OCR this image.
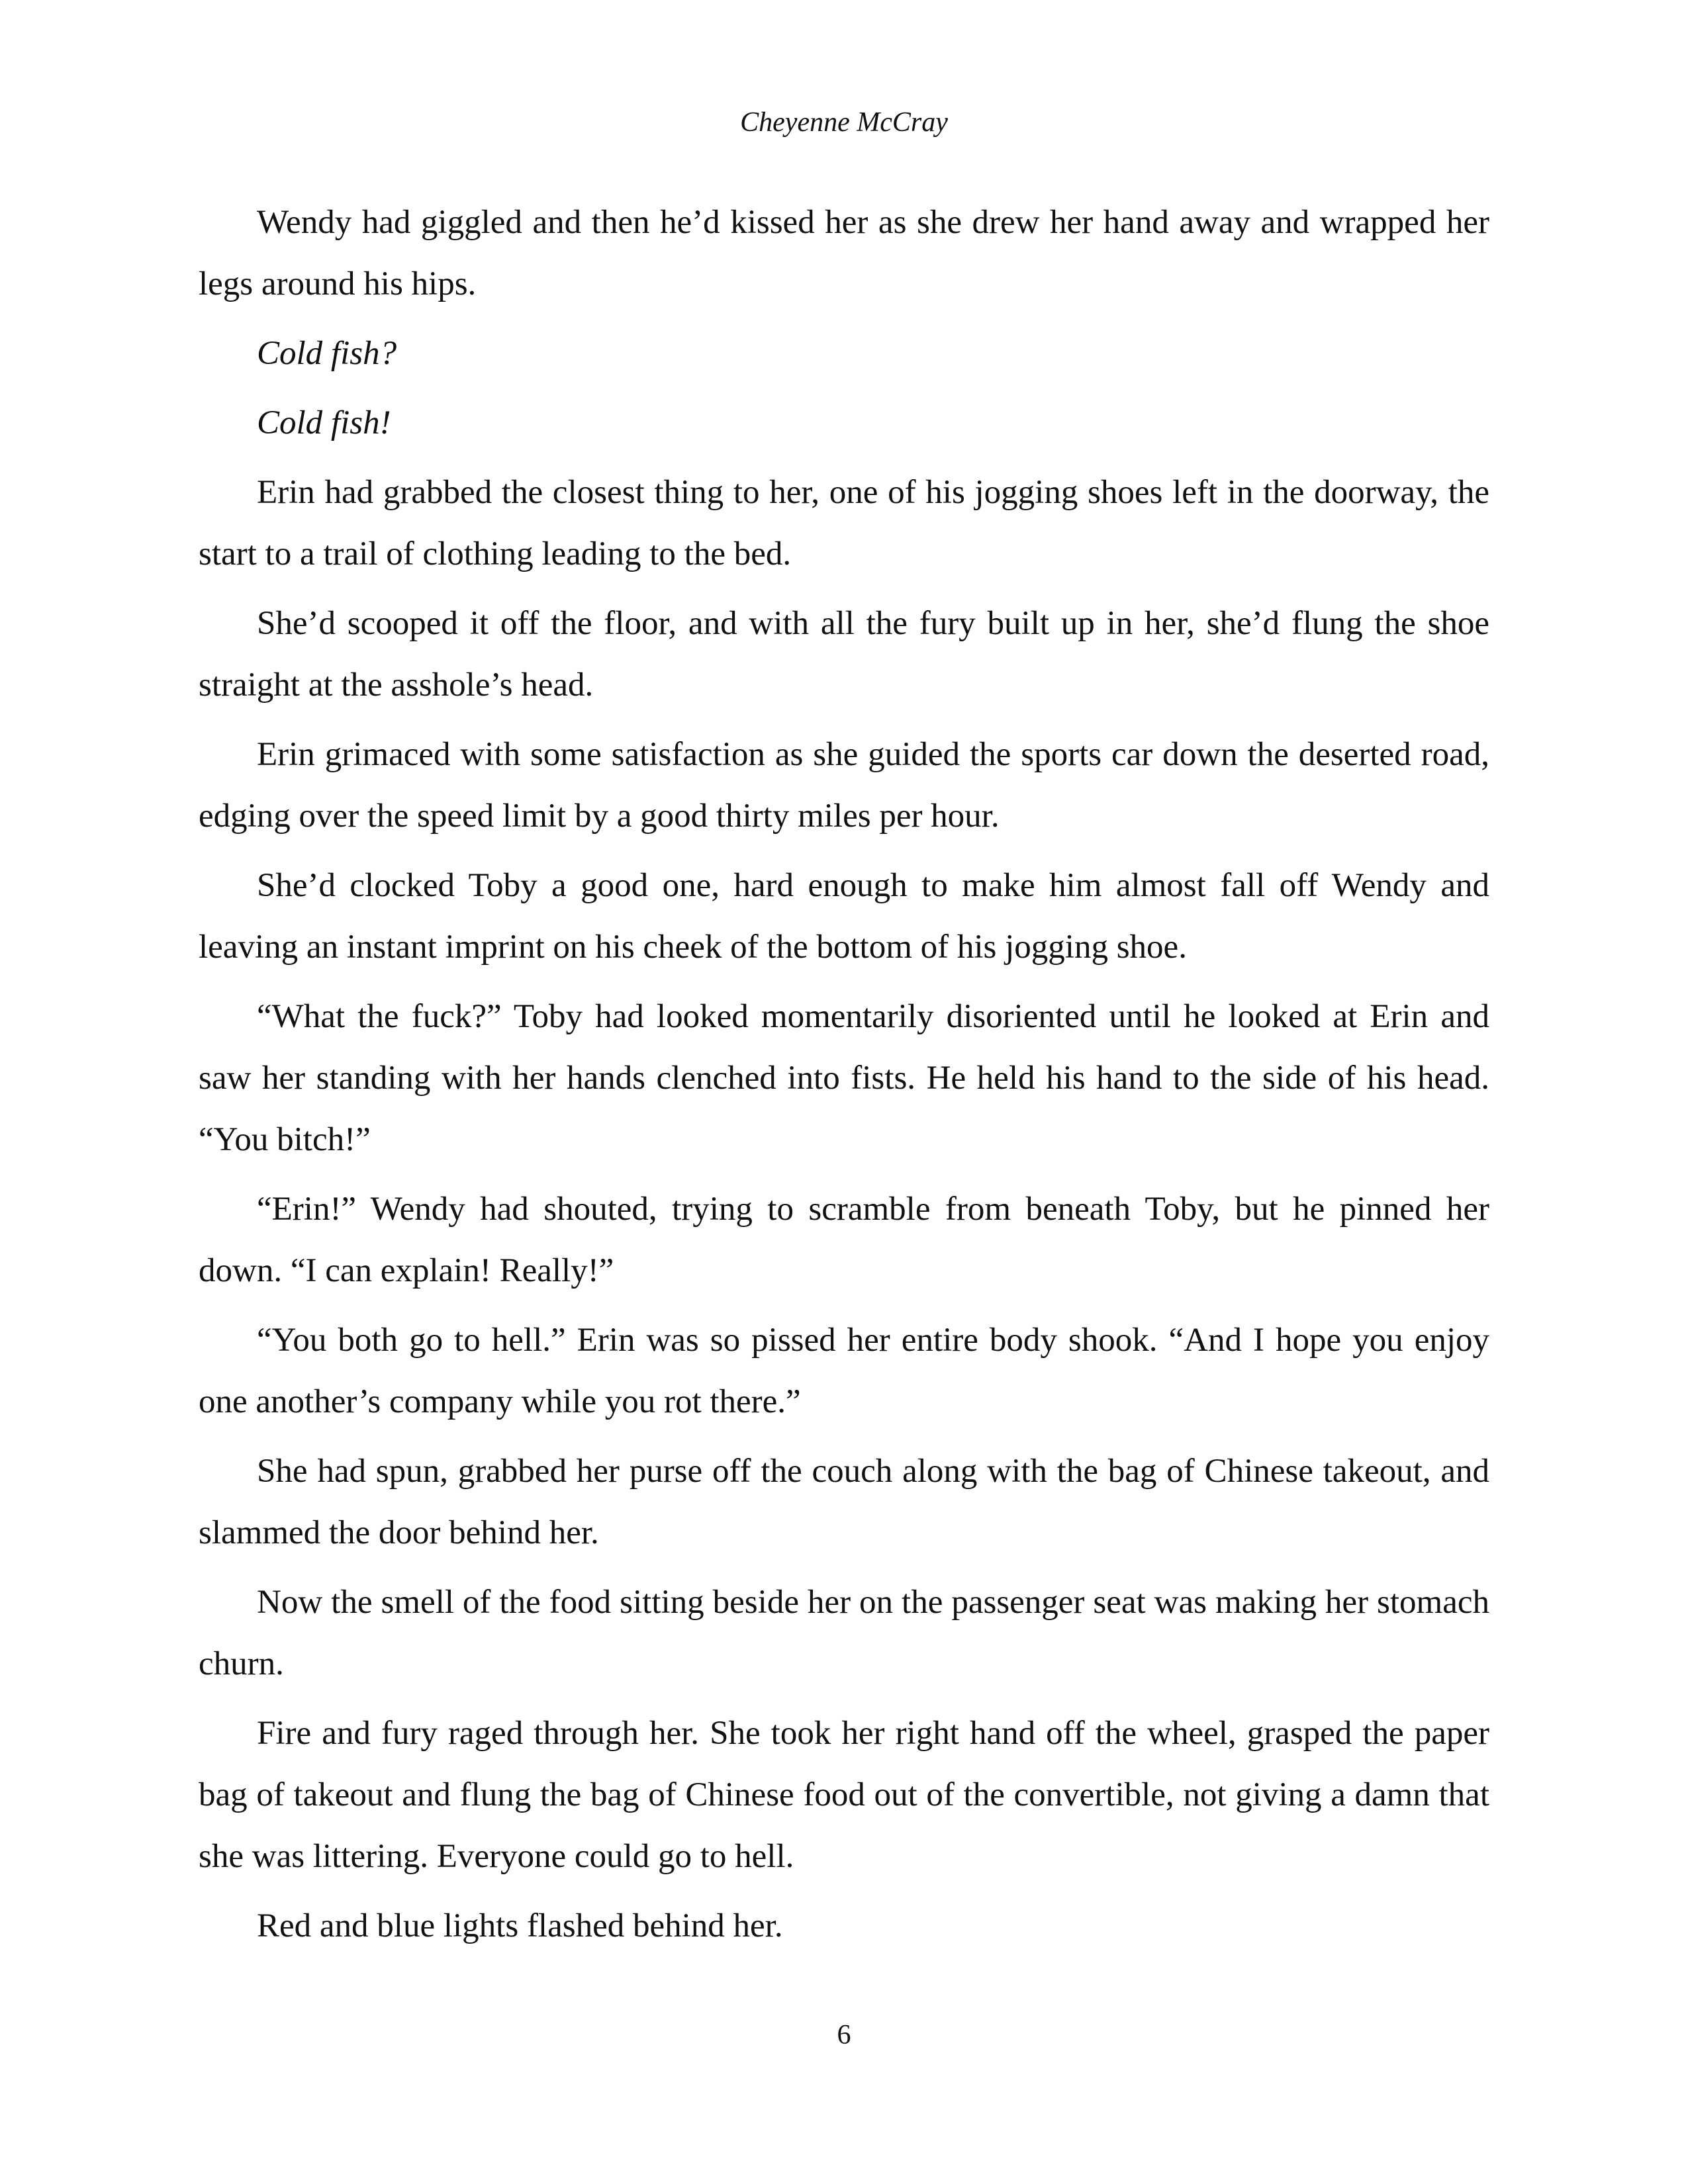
Cheyenne McCray

Wendy had giggled and then he’d kissed her as she drew her hand away and wrapped her legs around his hips.

Cold fish?

Cold fish!

Erin had grabbed the closest thing to her, one of his jogging shoes left in the doorway, the start to a trail of clothing leading to the bed.

She’d scooped it off the floor, and with all the fury built up in her, she’d flung the shoe straight at the asshole’s head.

Erin grimaced with some satisfaction as she guided the sports car down the deserted road, edging over the speed limit by a good thirty miles per hour.

She’d clocked Toby a good one, hard enough to make him almost fall off Wendy and leaving an instant imprint on his cheek of the bottom of his jogging shoe.

“What the fuck?” Toby had looked momentarily disoriented until he looked at Erin and saw her standing with her hands clenched into fists. He held his hand to the side of his head. “You bitch!”

“Erin!” Wendy had shouted, trying to scramble from beneath Toby, but he pinned her down. “I can explain! Really!”

“You both go to hell.” Erin was so pissed her entire body shook. “And I hope you enjoy one another’s company while you rot there.”

She had spun, grabbed her purse off the couch along with the bag of Chinese takeout, and slammed the door behind her.

Now the smell of the food sitting beside her on the passenger seat was making her stomach churn.

Fire and fury raged through her. She took her right hand off the wheel, grasped the paper bag of takeout and flung the bag of Chinese food out of the convertible, not giving a damn that she was littering. Everyone could go to hell.

Red and blue lights flashed behind her.

6
